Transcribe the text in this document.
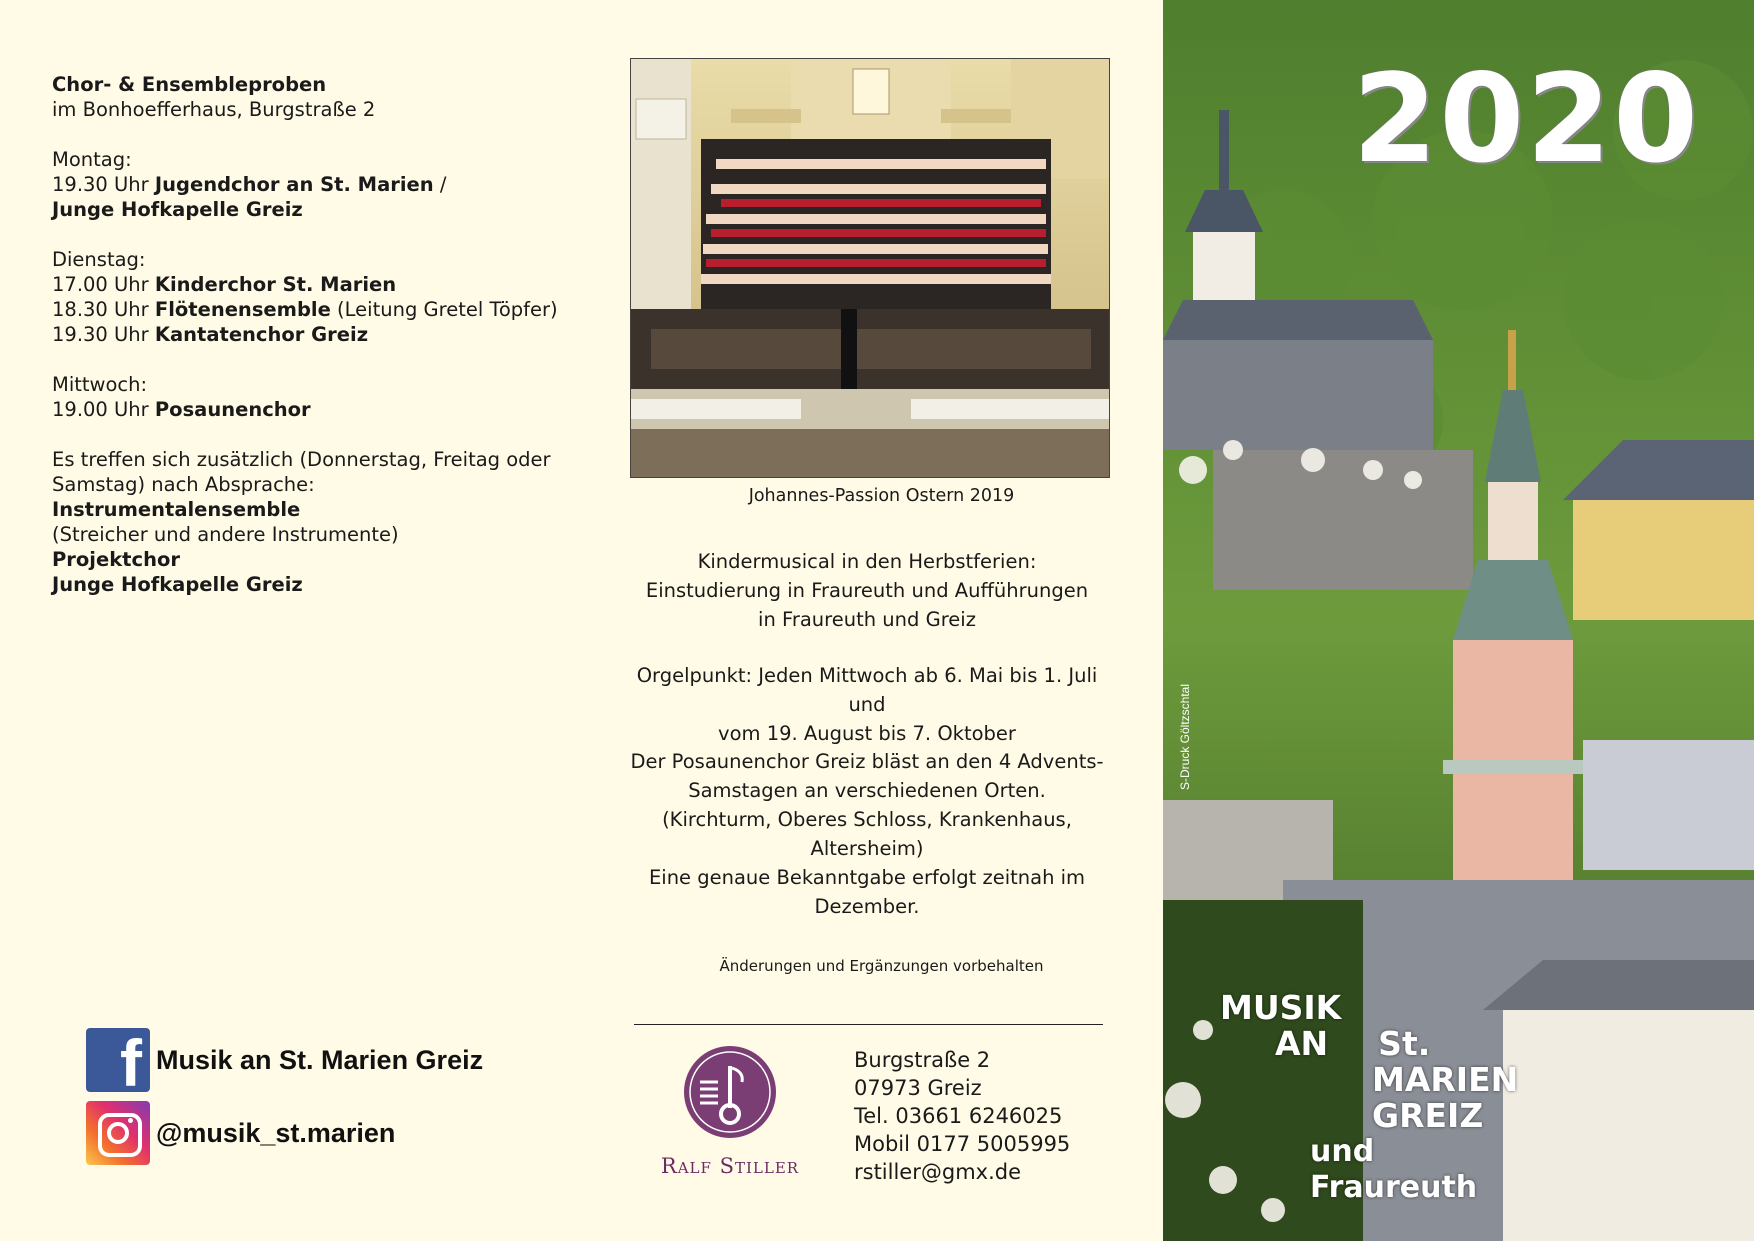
Chor- & Ensembleproben

im Bonhoefferhaus, Burgstraße 2

Montag:

19.30 Uhr Jugendchor an St. Marien /

Junge Hofkapelle Greiz

Dienstag:

17.00 Uhr Kinderchor St. Marien

18.30 Uhr Flötenensemble (Leitung Gretel Töpfer)

19.30 Uhr Kantatenchor Greiz

Mittwoch:

19.00 Uhr Posaunenchor

Es treffen sich zusätzlich (Donnerstag, Freitag oder

Samstag) nach Absprache:

Instrumentalensemble

(Streicher und andere Instrumente)

Projektchor

Junge Hofkapelle Greiz

f Musik an St. Marien Greiz
@musik_st.marien
Johannes-Passion Ostern 2019

Kindermusical in den Herbstferien:

Einstudierung in Fraureuth und Aufführungen

in Fraureuth und Greiz

Orgelpunkt: Jeden Mittwoch ab 6. Mai bis 1. Juli und

vom 19. August bis 7. Oktober

Der Posaunenchor Greiz bläst an den 4 Advents-

Samstagen an verschiedenen Orten.

(Kirchturm, Oberes Schloss, Krankenhaus,

Altersheim)

Eine genaue Bekanntgabe erfolgt zeitnah im

Dezember.

Änderungen und Ergänzungen vorbehalten
Ralf Stiller

Burgstraße 2

07973 Greiz

Tel. 03661 6246025

Mobil 0177 5005995

rstiller@gmx.de

2020
S-Druck Göltzschtal
MUSIK
AN St.
MARIEN
GREIZ
und Fraureuth
